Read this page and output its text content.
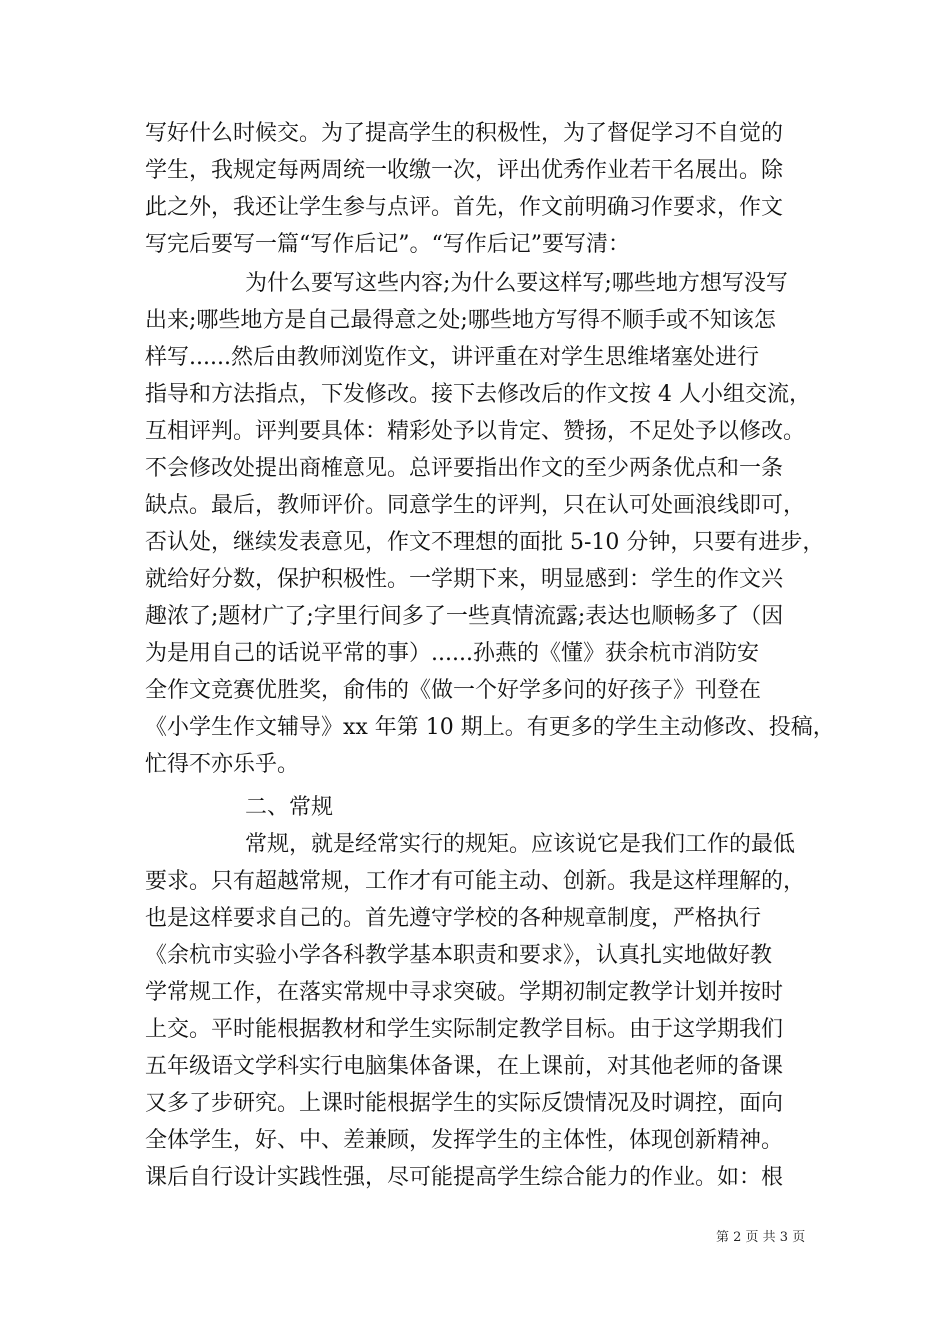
写好什么时候交。为了提高学生的积极性，为了督促学习不自觉的
学生，我规定每两周统一收缴一次，评出优秀作业若干名展出。除
此之外，我还让学生参与点评。首先，作文前明确习作要求，作文
写完后要写一篇“写作后记”。“写作后记”要写清：
为什么要写这些内容;为什么要这样写;哪些地方想写没写
出来;哪些地方是自己最得意之处;哪些地方写得不顺手或不知该怎
样写......然后由教师浏览作文，讲评重在对学生思维堵塞处进行
指导和方法指点，下发修改。接下去修改后的作文按 4 人小组交流，
互相评判。评判要具体：精彩处予以肯定、赞扬，不足处予以修改。
不会修改处提出商榷意见。总评要指出作文的至少两条优点和一条
缺点。最后，教师评价。同意学生的评判，只在认可处画浪线即可，
否认处，继续发表意见，作文不理想的面批 5-10 分钟，只要有进步，
就给好分数，保护积极性。一学期下来，明显感到：学生的作文兴
趣浓了;题材广了;字里行间多了一些真情流露;表达也顺畅多了（因
为是用自己的话说平常的事）......孙燕的《懂》获余杭市消防安
全作文竞赛优胜奖，俞伟的《做一个好学多问的好孩子》刊登在
《小学生作文辅导》xx 年第 10 期上。有更多的学生主动修改、投稿，
忙得不亦乐乎。
二、常规
常规，就是经常实行的规矩。应该说它是我们工作的最低
要求。只有超越常规，工作才有可能主动、创新。我是这样理解的，
也是这样要求自己的。首先遵守学校的各种规章制度，严格执行
《余杭市实验小学各科教学基本职责和要求》，认真扎实地做好教
学常规工作，在落实常规中寻求突破。学期初制定教学计划并按时
上交。平时能根据教材和学生实际制定教学目标。由于这学期我们
五年级语文学科实行电脑集体备课，在上课前，对其他老师的备课
又多了步研究。上课时能根据学生的实际反馈情况及时调控，面向
全体学生，好、中、差兼顾，发挥学生的主体性，体现创新精神。
课后自行设计实践性强，尽可能提高学生综合能力的作业。如：根
第 2 页 共 3 页
